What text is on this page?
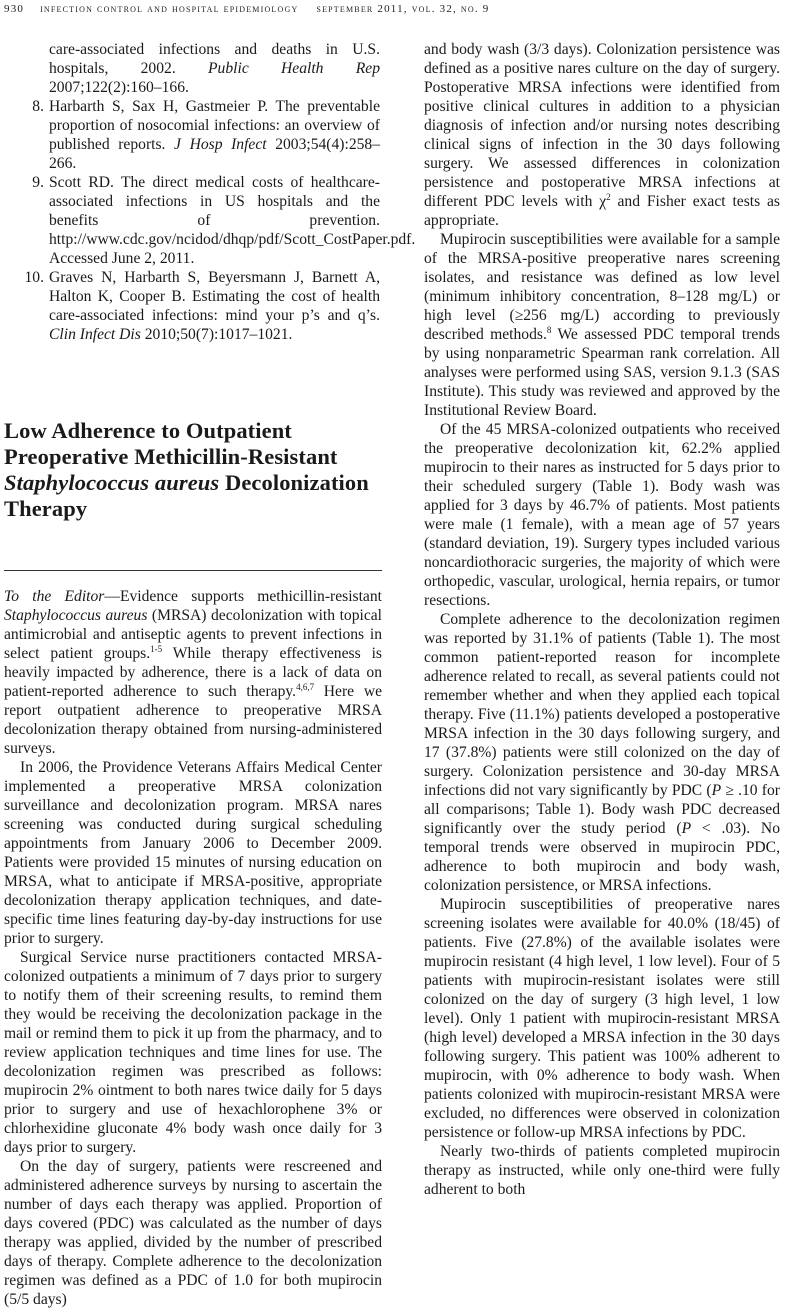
930 infection control and hospital epidemiology september 2011, vol. 32, no. 9
care-associated infections and deaths in U.S. hospitals, 2002. Public Health Rep 2007;122(2):160–166.
8. Harbarth S, Sax H, Gastmeier P. The preventable proportion of nosocomial infections: an overview of published reports. J Hosp Infect 2003;54(4):258–266.
9. Scott RD. The direct medical costs of healthcare-associated infections in US hospitals and the benefits of prevention. http://www.cdc.gov/ncidod/dhqp/pdf/Scott_CostPaper.pdf. Accessed June 2, 2011.
10. Graves N, Harbarth S, Beyersmann J, Barnett A, Halton K, Cooper B. Estimating the cost of health care-associated infections: mind your p’s and q’s. Clin Infect Dis 2010;50(7):1017–1021.
Low Adherence to Outpatient Preoperative Methicillin-Resistant Staphylococcus aureus Decolonization Therapy

To the Editor—Evidence supports methicillin-resistant Staphylococcus aureus (MRSA) decolonization with topical antimicrobial and antiseptic agents to prevent infections in select patient groups.$^{1-5}$ While therapy effectiveness is heavily impacted by adherence, there is a lack of data on patient-reported adherence to such therapy.$^{4,6,7}$ Here we report outpatient adherence to preoperative MRSA decolonization therapy obtained from nursing-administered surveys.

In 2006, the Providence Veterans Affairs Medical Center implemented a preoperative MRSA colonization surveillance and decolonization program. MRSA nares screening was conducted during surgical scheduling appointments from January 2006 to December 2009. Patients were provided 15 minutes of nursing education on MRSA, what to anticipate if MRSA-positive, appropriate decolonization therapy application techniques, and date-specific time lines featuring day-by-day instructions for use prior to surgery.

Surgical Service nurse practitioners contacted MRSA-colonized outpatients a minimum of 7 days prior to surgery to notify them of their screening results, to remind them they would be receiving the decolonization package in the mail or remind them to pick it up from the pharmacy, and to review application techniques and time lines for use. The decolonization regimen was prescribed as follows: mupirocin 2% ointment to both nares twice daily for 5 days prior to surgery and use of hexachlorophene 3% or chlorhexidine gluconate 4% body wash once daily for 3 days prior to surgery.

On the day of surgery, patients were rescreened and administered adherence surveys by nursing to ascertain the number of days each therapy was applied. Proportion of days covered (PDC) was calculated as the number of days therapy was applied, divided by the number of prescribed days of therapy. Complete adherence to the decolonization regimen was defined as a PDC of 1.0 for both mupirocin (5/5 days)

and body wash (3/3 days). Colonization persistence was defined as a positive nares culture on the day of surgery. Postoperative MRSA infections were identified from positive clinical cultures in addition to a physician diagnosis of infection and/or nursing notes describing clinical signs of infection in the 30 days following surgery. We assessed differences in colonization persistence and postoperative MRSA infections at different PDC levels with $\chi^2$ and Fisher exact tests as appropriate.

Mupirocin susceptibilities were available for a sample of the MRSA-positive preoperative nares screening isolates, and resistance was defined as low level (minimum inhibitory concentration, 8–128 mg/L) or high level (≥256 mg/L) according to previously described methods.$^8$ We assessed PDC temporal trends by using nonparametric Spearman rank correlation. All analyses were performed using SAS, version 9.1.3 (SAS Institute). This study was reviewed and approved by the Institutional Review Board.

Of the 45 MRSA-colonized outpatients who received the preoperative decolonization kit, 62.2% applied mupirocin to their nares as instructed for 5 days prior to their scheduled surgery (Table 1). Body wash was applied for 3 days by 46.7% of patients. Most patients were male (1 female), with a mean age of 57 years (standard deviation, 19). Surgery types included various noncardiothoracic surgeries, the majority of which were orthopedic, vascular, urological, hernia repairs, or tumor resections.

Complete adherence to the decolonization regimen was reported by 31.1% of patients (Table 1). The most common patient-reported reason for incomplete adherence related to recall, as several patients could not remember whether and when they applied each topical therapy. Five (11.1%) patients developed a postoperative MRSA infection in the 30 days following surgery, and 17 (37.8%) patients were still colonized on the day of surgery. Colonization persistence and 30-day MRSA infections did not vary significantly by PDC (P ≥ .10 for all comparisons; Table 1). Body wash PDC decreased significantly over the study period (P < .03). No temporal trends were observed in mupirocin PDC, adherence to both mupirocin and body wash, colonization persistence, or MRSA infections.

Mupirocin susceptibilities of preoperative nares screening isolates were available for 40.0% (18/45) of patients. Five (27.8%) of the available isolates were mupirocin resistant (4 high level, 1 low level). Four of 5 patients with mupirocin-resistant isolates were still colonized on the day of surgery (3 high level, 1 low level). Only 1 patient with mupirocin-resistant MRSA (high level) developed a MRSA infection in the 30 days following surgery. This patient was 100% adherent to mupirocin, with 0% adherence to body wash. When patients colonized with mupirocin-resistant MRSA were excluded, no differences were observed in colonization persistence or follow-up MRSA infections by PDC.

Nearly two-thirds of patients completed mupirocin therapy as instructed, while only one-third were fully adherent to both
